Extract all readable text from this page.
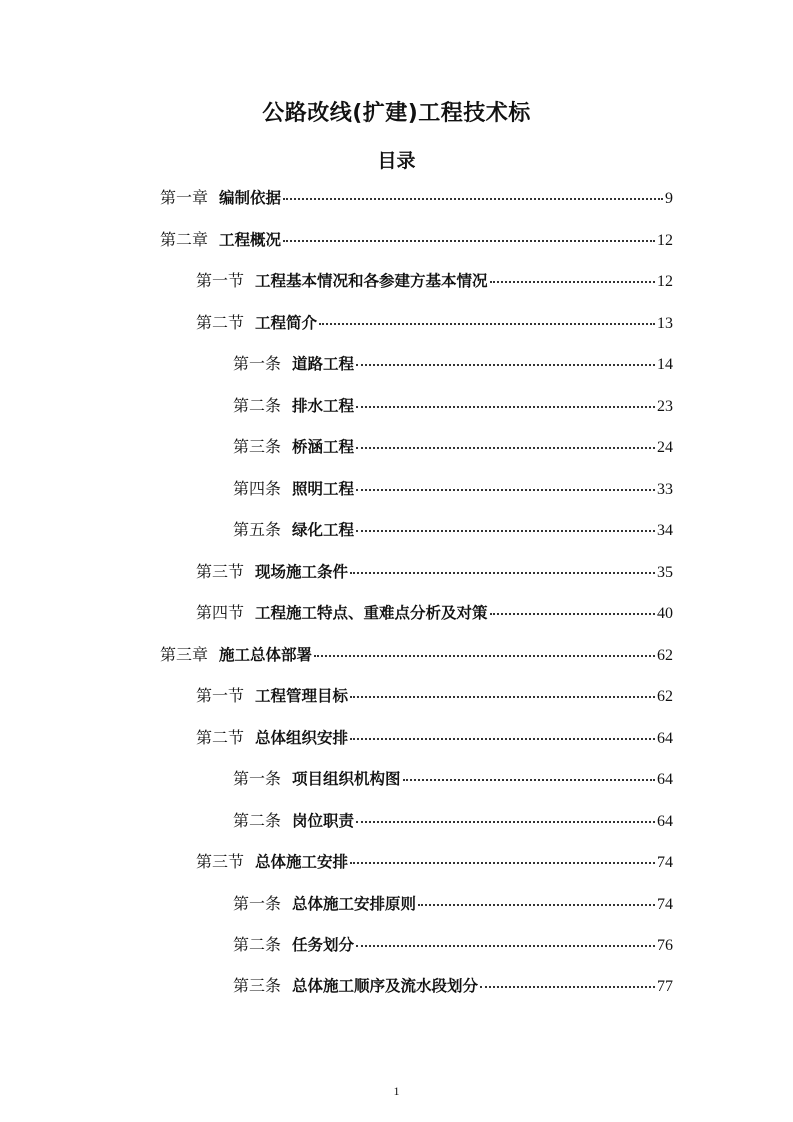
公路改线(扩建)工程技术标
目录
第一章 编制依据	9
第二章 工程概况	12
第一节 工程基本情况和各参建方基本情况	12
第二节 工程简介	13
第一条 道路工程	14
第二条 排水工程	23
第三条 桥涵工程	24
第四条 照明工程	33
第五条 绿化工程	34
第三节 现场施工条件	35
第四节 工程施工特点、重难点分析及对策	40
第三章 施工总体部署	62
第一节 工程管理目标	62
第二节 总体组织安排	64
第一条 项目组织机构图	64
第二条 岗位职责	64
第三节 总体施工安排	74
第一条 总体施工安排原则	74
第二条 任务划分	76
第三条 总体施工顺序及流水段划分	77
1
